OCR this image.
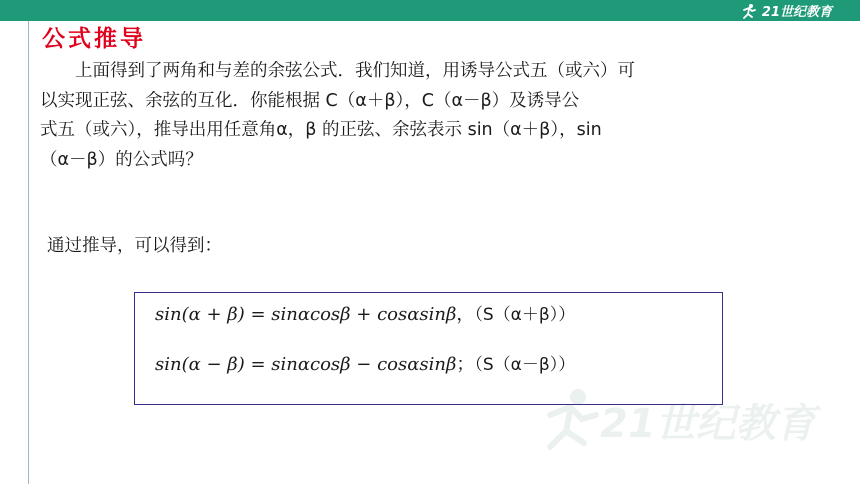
21世纪教育
公式推导

上面得到了两角和与差的余弦公式．我们知道，用诱导公式五（或六）可
以实现正弦、余弦的互化．你能根据 C（α＋β），C（α－β）及诱导公
式五（或六），推导出用任意角α，β 的正弦、余弦表示 sin（α＋β），sin
（α－β）的公式吗？

通过推导，可以得到：
sin(α + β) = sinαcosβ + cosαsinβ，（S（α＋β））
sin(α − β) = sinαcosβ − cosαsinβ；（S（α－β））
21世纪教育
